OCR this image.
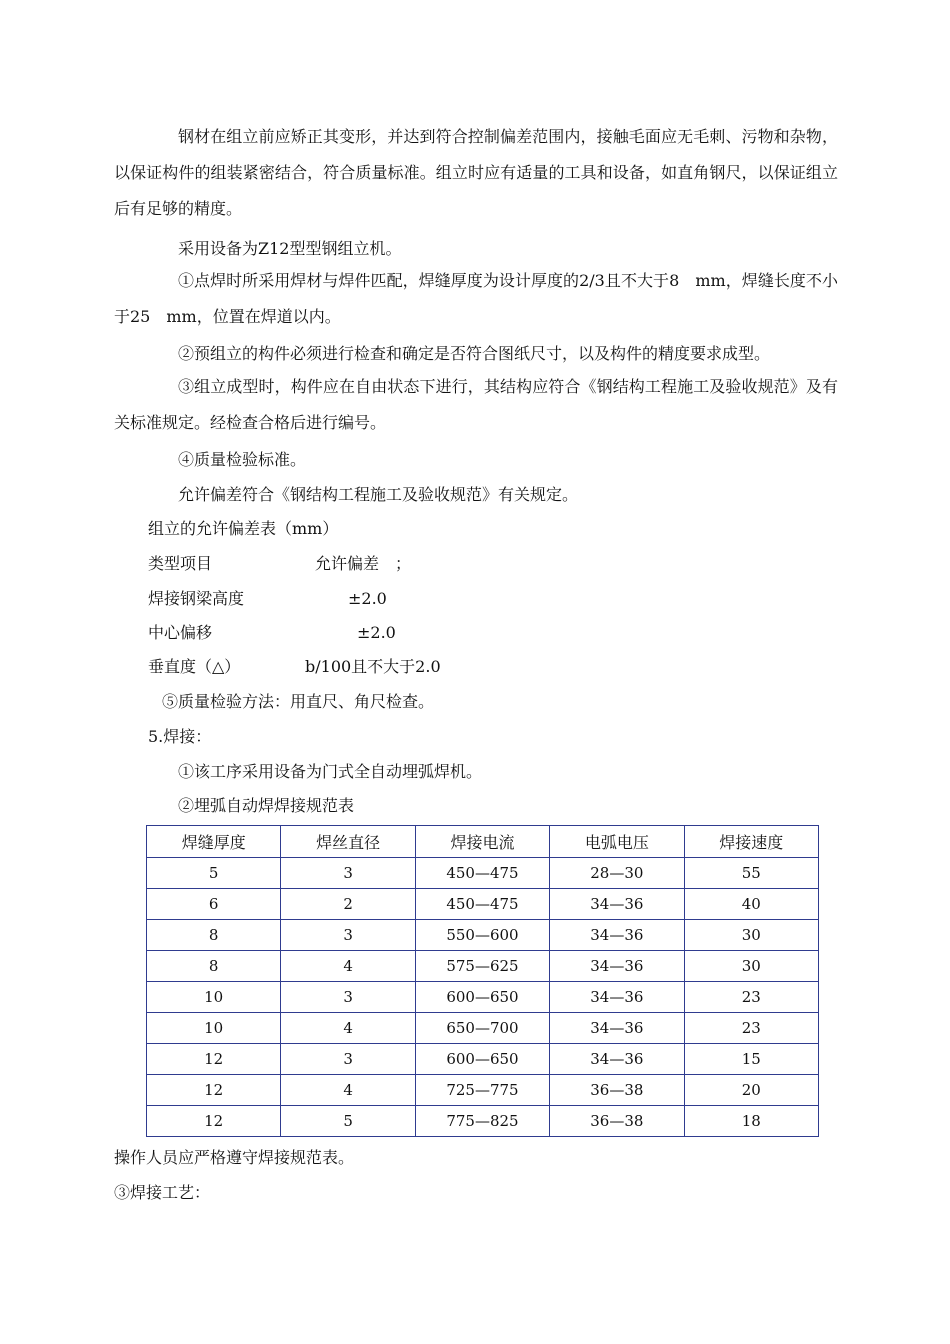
钢材在组立前应矫正其变形，并达到符合控制偏差范围内，接触毛面应无毛刺、污物和杂物，以保证构件的组装紧密结合，符合质量标准。组立时应有适量的工具和设备，如直角钢尺，以保证组立后有足够的精度。

采用设备为Z12型型钢组立机。

①点焊时所采用焊材与焊件匹配，焊缝厚度为设计厚度的2/3且不大于8　mm，焊缝长度不小于25　mm，位置在焊道以内。

②预组立的构件必须进行检查和确定是否符合图纸尺寸，以及构件的精度要求成型。

③组立成型时，构件应在自由状态下进行，其结构应符合《钢结构工程施工及验收规范》及有关标准规定。经检查合格后进行编号。

④质量检验标准。

允许偏差符合《钢结构工程施工及验收规范》有关规定。

组立的允许偏差表（mm）

类型项目	允许偏差　；
焊接钢梁高度	±2.0
中心偏移	±2.0
垂直度（△）	b/100且不大于2.0

⑤质量检验方法：用直尺、角尺检查。

5.焊接：

①该工序采用设备为门式全自动埋弧焊机。

②埋弧自动焊焊接规范表

焊缝厚度	焊丝直径	焊接电流	电弧电压	焊接速度
5	3	450—475	28—30	55
6	2	450—475	34—36	40
8	3	550—600	34—36	30
8	4	575—625	34—36	30
10	3	600—650	34—36	23
10	4	650—700	34—36	23
12	3	600—650	34—36	15
12	4	725—775	36—38	20
12	5	775—825	36—38	18

操作人员应严格遵守焊接规范表。

③焊接工艺：
